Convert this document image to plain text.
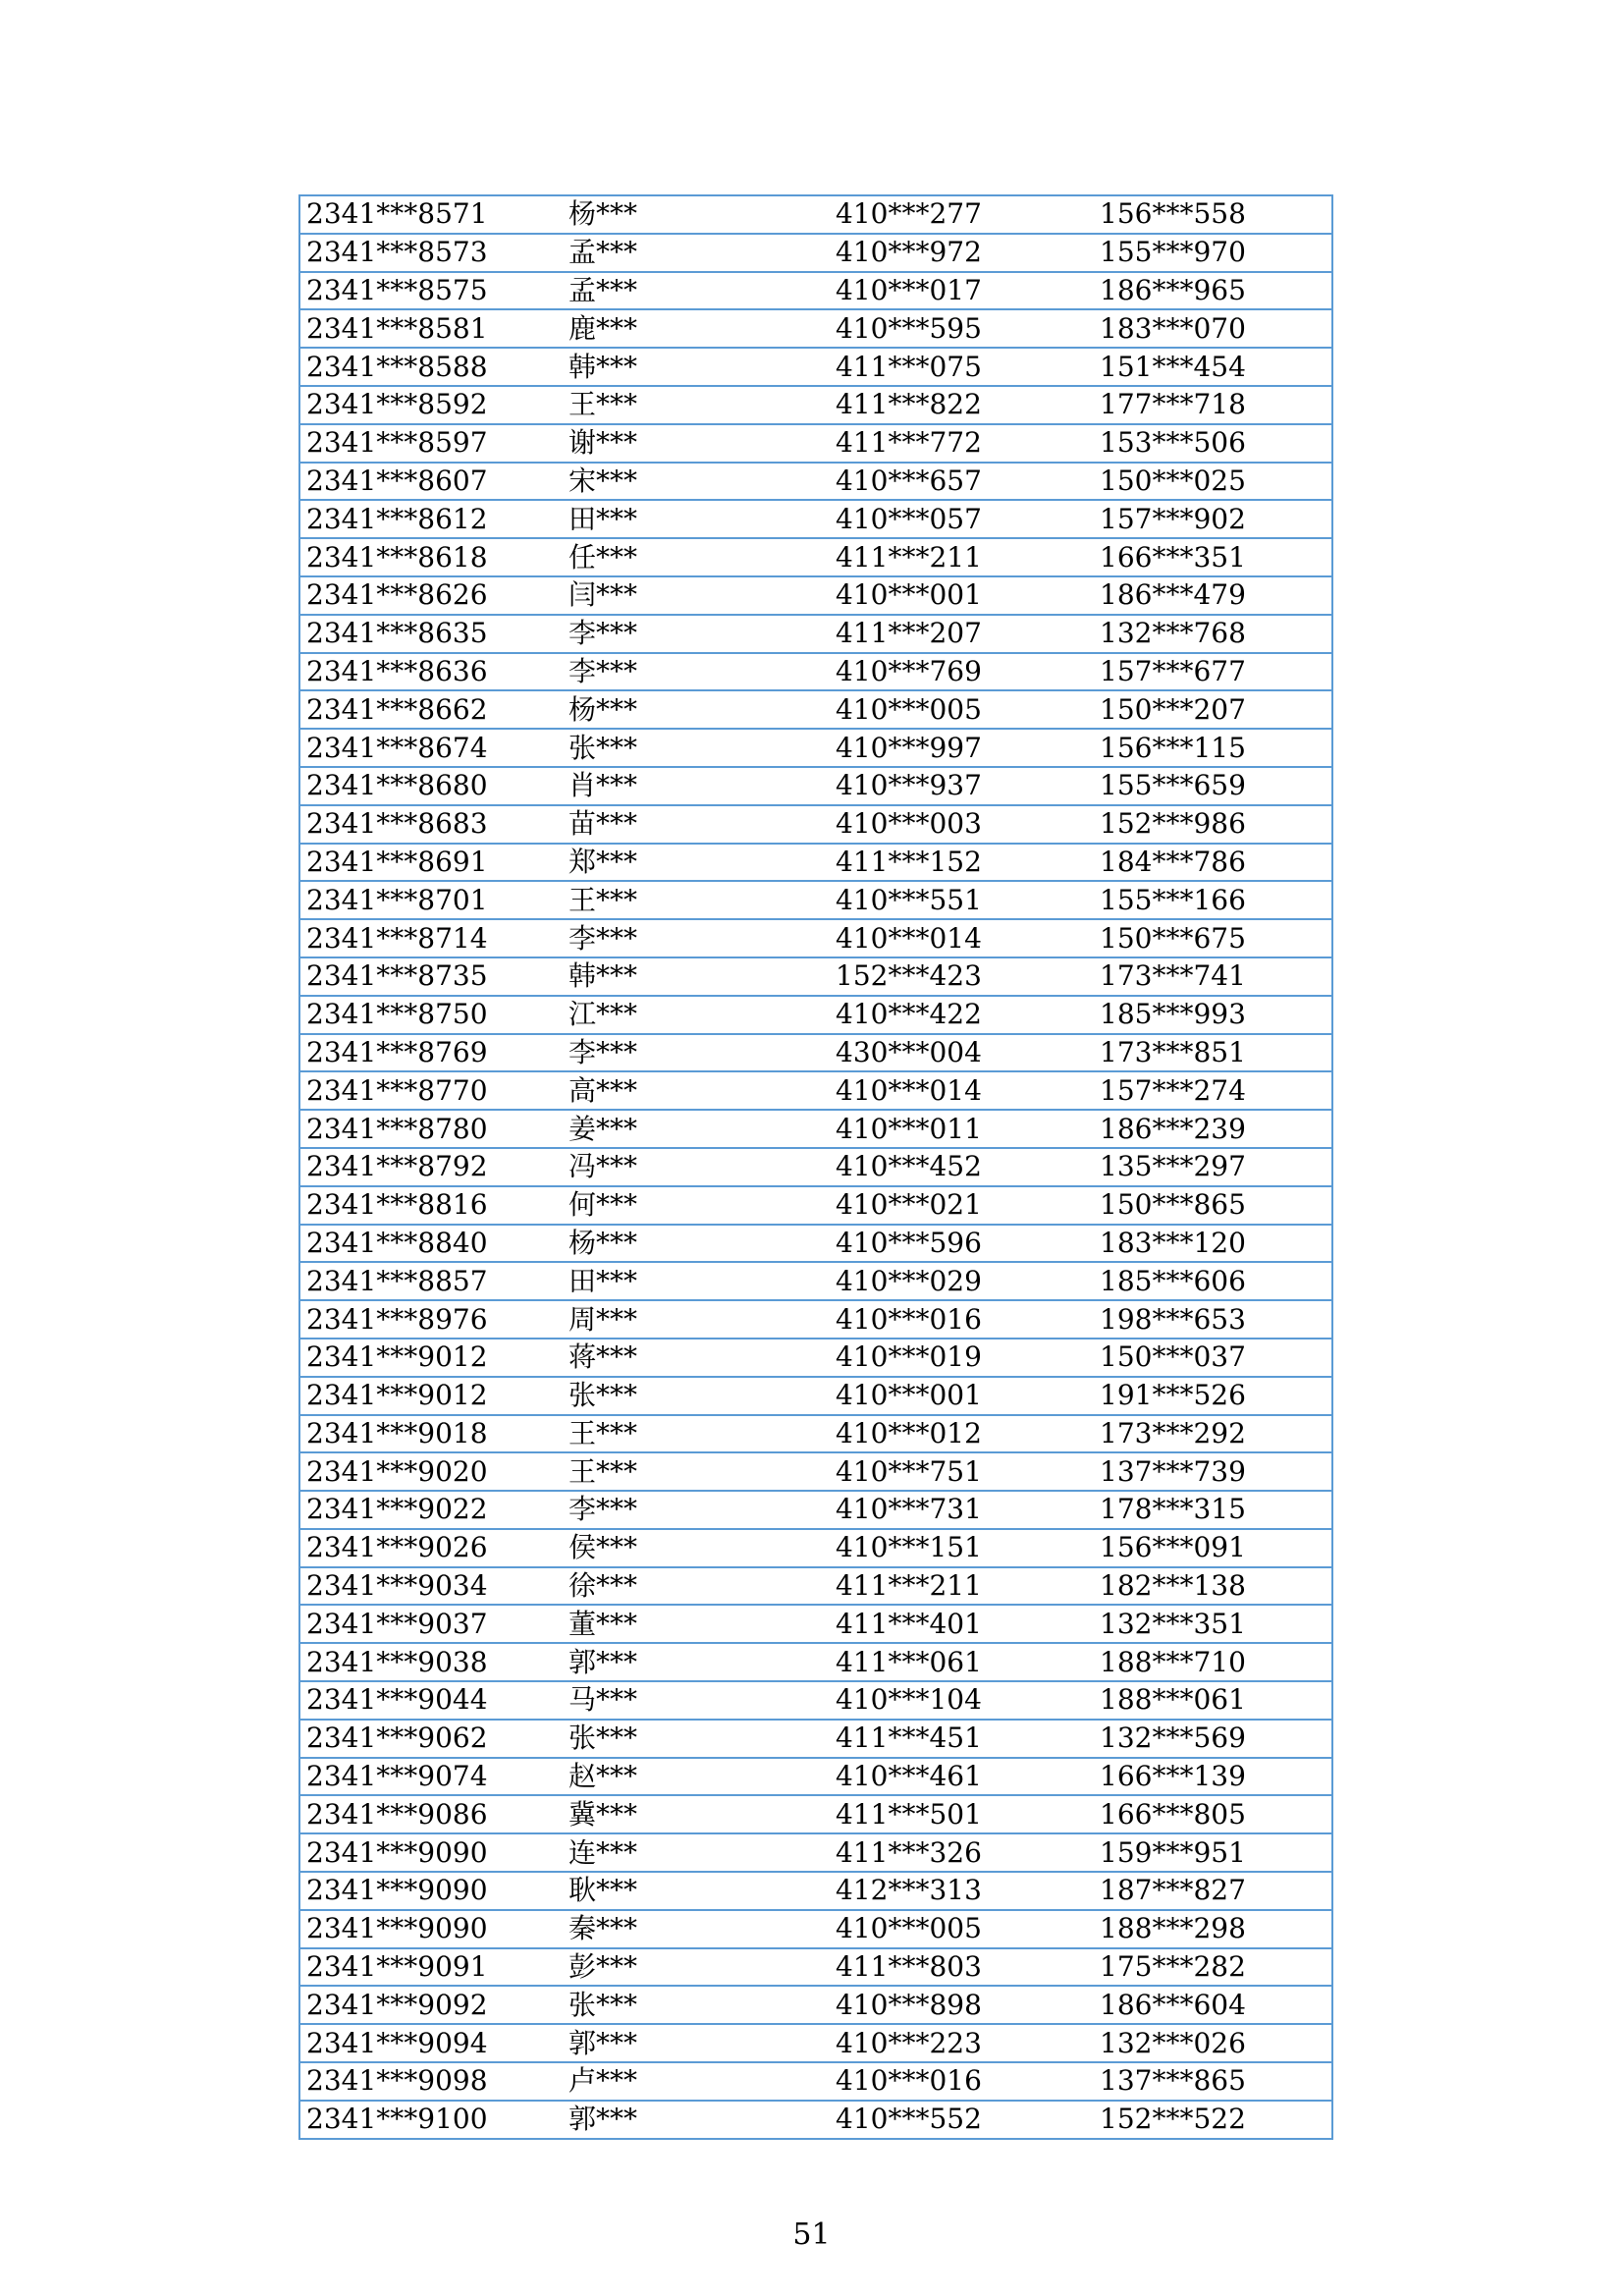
2341***8571	杨***	410***277	156***558
2341***8573	孟***	410***972	155***970
2341***8575	孟***	410***017	186***965
2341***8581	鹿***	410***595	183***070
2341***8588	韩***	411***075	151***454
2341***8592	王***	411***822	177***718
2341***8597	谢***	411***772	153***506
2341***8607	宋***	410***657	150***025
2341***8612	田***	410***057	157***902
2341***8618	任***	411***211	166***351
2341***8626	闫***	410***001	186***479
2341***8635	李***	411***207	132***768
2341***8636	李***	410***769	157***677
2341***8662	杨***	410***005	150***207
2341***8674	张***	410***997	156***115
2341***8680	肖***	410***937	155***659
2341***8683	苗***	410***003	152***986
2341***8691	郑***	411***152	184***786
2341***8701	王***	410***551	155***166
2341***8714	李***	410***014	150***675
2341***8735	韩***	152***423	173***741
2341***8750	江***	410***422	185***993
2341***8769	李***	430***004	173***851
2341***8770	高***	410***014	157***274
2341***8780	姜***	410***011	186***239
2341***8792	冯***	410***452	135***297
2341***8816	何***	410***021	150***865
2341***8840	杨***	410***596	183***120
2341***8857	田***	410***029	185***606
2341***8976	周***	410***016	198***653
2341***9012	蒋***	410***019	150***037
2341***9012	张***	410***001	191***526
2341***9018	王***	410***012	173***292
2341***9020	王***	410***751	137***739
2341***9022	李***	410***731	178***315
2341***9026	侯***	410***151	156***091
2341***9034	徐***	411***211	182***138
2341***9037	董***	411***401	132***351
2341***9038	郭***	411***061	188***710
2341***9044	马***	410***104	188***061
2341***9062	张***	411***451	132***569
2341***9074	赵***	410***461	166***139
2341***9086	冀***	411***501	166***805
2341***9090	连***	411***326	159***951
2341***9090	耿***	412***313	187***827
2341***9090	秦***	410***005	188***298
2341***9091	彭***	411***803	175***282
2341***9092	张***	410***898	186***604
2341***9094	郭***	410***223	132***026
2341***9098	卢***	410***016	137***865
2341***9100	郭***	410***552	152***522
51
